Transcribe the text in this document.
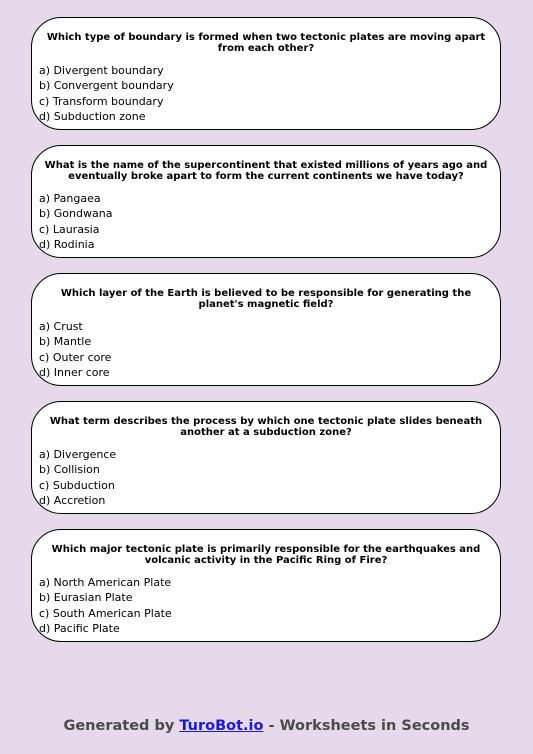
Which type of boundary is formed when two tectonic plates are moving apart from each other?
a) Divergent boundary
b) Convergent boundary
c) Transform boundary
d) Subduction zone
What is the name of the supercontinent that existed millions of years ago and eventually broke apart to form the current continents we have today?
a) Pangaea
b) Gondwana
c) Laurasia
d) Rodinia
Which layer of the Earth is believed to be responsible for generating the planet's magnetic field?
a) Crust
b) Mantle
c) Outer core
d) Inner core
What term describes the process by which one tectonic plate slides beneath another at a subduction zone?
a) Divergence
b) Collision
c) Subduction
d) Accretion
Which major tectonic plate is primarily responsible for the earthquakes and volcanic activity in the Pacific Ring of Fire?
a) North American Plate
b) Eurasian Plate
c) South American Plate
d) Pacific Plate
Generated by TuroBot.io - Worksheets in Seconds
